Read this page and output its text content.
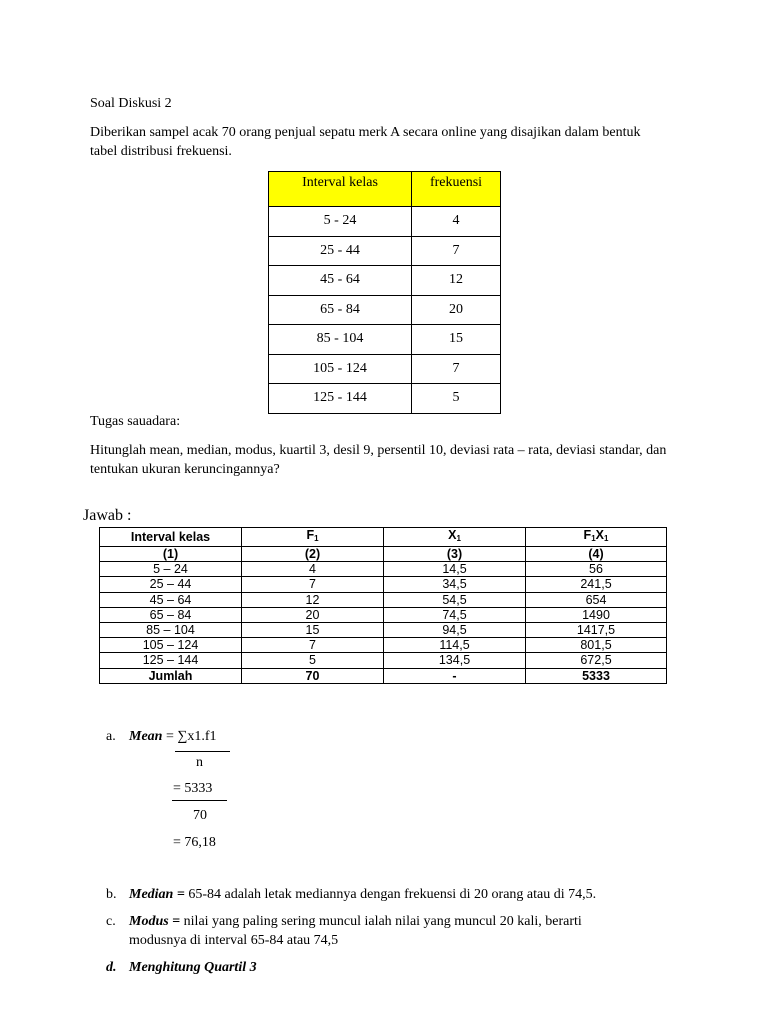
Soal Diskusi 2
Diberikan sampel acak 70 orang penjual sepatu merk A secara online yang disajikan dalam bentuk tabel distribusi frekuensi.
Interval kelas	frekuensi
5 - 24	4
25 - 44	7
45 - 64	12
65 - 84	20
85 - 104	15
105 - 124	7
125 - 144	5
Tugas sauadara:
Hitunglah mean, median, modus, kuartil 3, desil 9, persentil 10, deviasi rata – rata, deviasi standar, dan tentukan ukuran keruncingannya?
Jawab :
Interval kelas	$F_1$	$X_1$	$F_1X_1$
(1)	(2)	(3)	(4)
5 – 24	4	14,5	56
25 – 44	7	34,5	241,5
45 – 64	12	54,5	654
65 – 84	20	74,5	1490
85 – 104	15	94,5	1417,5
105 – 124	7	114,5	801,5
125 – 144	5	134,5	672,5
Jumlah	70	-	5333
a. Mean = ∑x1.f1
n
= 5333
70
= 76,18
b. Median = 65-84 adalah letak mediannya dengan frekuensi di 20 orang atau di 74,5.
c. Modus = nilai yang paling sering muncul ialah nilai yang muncul 20 kali, berarti
modusnya di interval 65-84 atau 74,5
d. Menghitung Quartil 3
